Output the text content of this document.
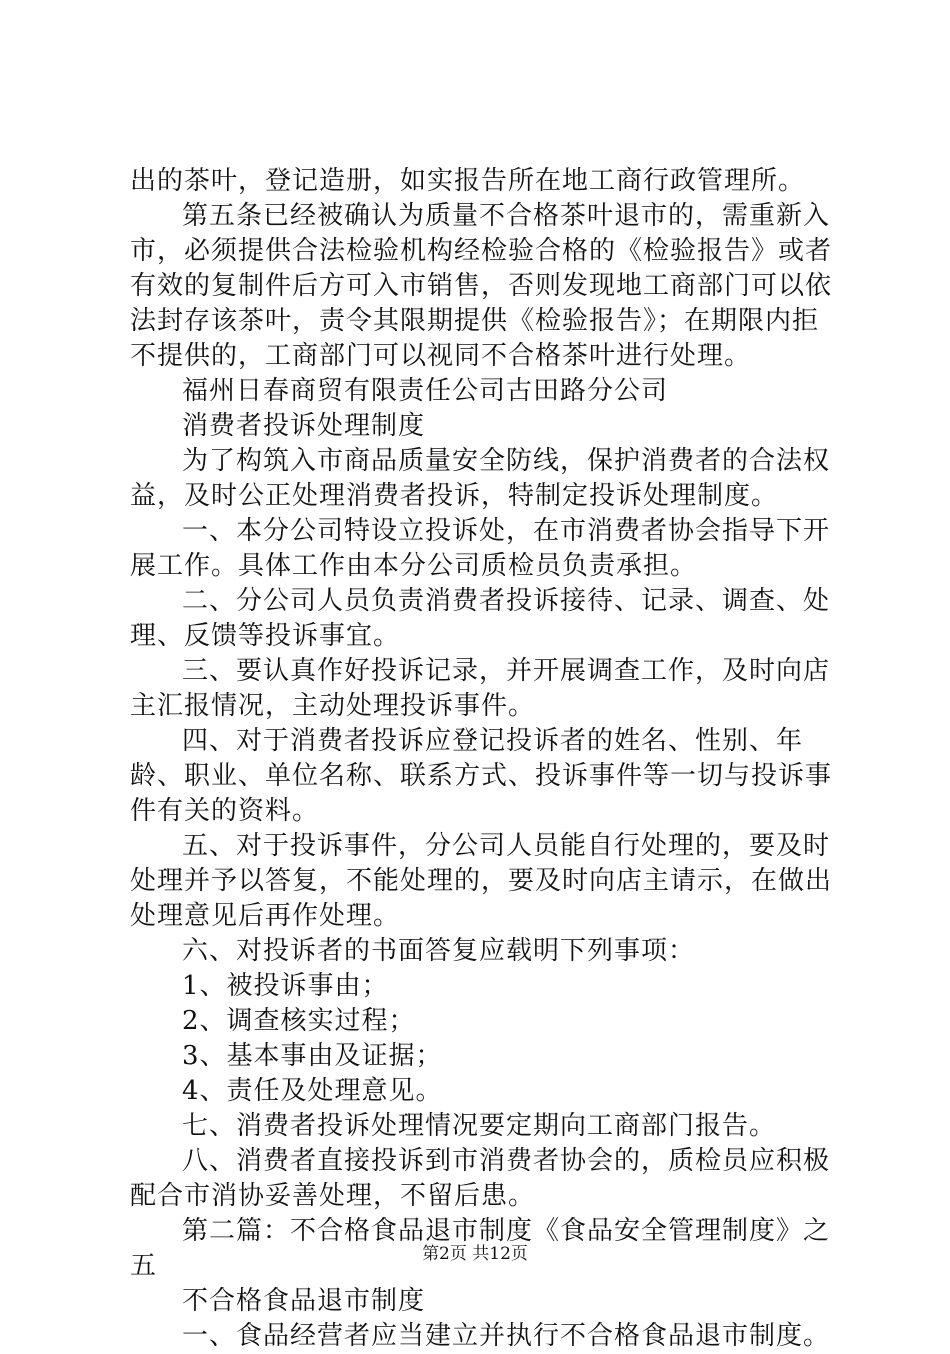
出的茶叶，登记造册，如实报告所在地工商行政管理所。

第五条已经被确认为质量不合格茶叶退市的，需重新入市，必须提供合法检验机构经检验合格的《检验报告》或者有效的复制件后方可入市销售，否则发现地工商部门可以依法封存该茶叶，责令其限期提供《检验报告》；在期限内拒不提供的，工商部门可以视同不合格茶叶进行处理。

福州日春商贸有限责任公司古田路分公司

消费者投诉处理制度

为了构筑入市商品质量安全防线，保护消费者的合法权益，及时公正处理消费者投诉，特制定投诉处理制度。

一、本分公司特设立投诉处，在市消费者协会指导下开展工作。具体工作由本分公司质检员负责承担。

二、分公司人员负责消费者投诉接待、记录、调查、处理、反馈等投诉事宜。

三、要认真作好投诉记录，并开展调查工作，及时向店主汇报情况，主动处理投诉事件。

四、对于消费者投诉应登记投诉者的姓名、性别、年龄、职业、单位名称、联系方式、投诉事件等一切与投诉事件有关的资料。

五、对于投诉事件，分公司人员能自行处理的，要及时处理并予以答复，不能处理的，要及时向店主请示，在做出处理意见后再作处理。

六、对投诉者的书面答复应载明下列事项：

1、被投诉事由；

2、调查核实过程；

3、基本事由及证据；

4、责任及处理意见。

七、消费者投诉处理情况要定期向工商部门报告。

八、消费者直接投诉到市消费者协会的，质检员应积极配合市消协妥善处理，不留后患。

第二篇：不合格食品退市制度《食品安全管理制度》之五

不合格食品退市制度

一、食品经营者应当建立并执行不合格食品退市制度。

第2页 共12页
